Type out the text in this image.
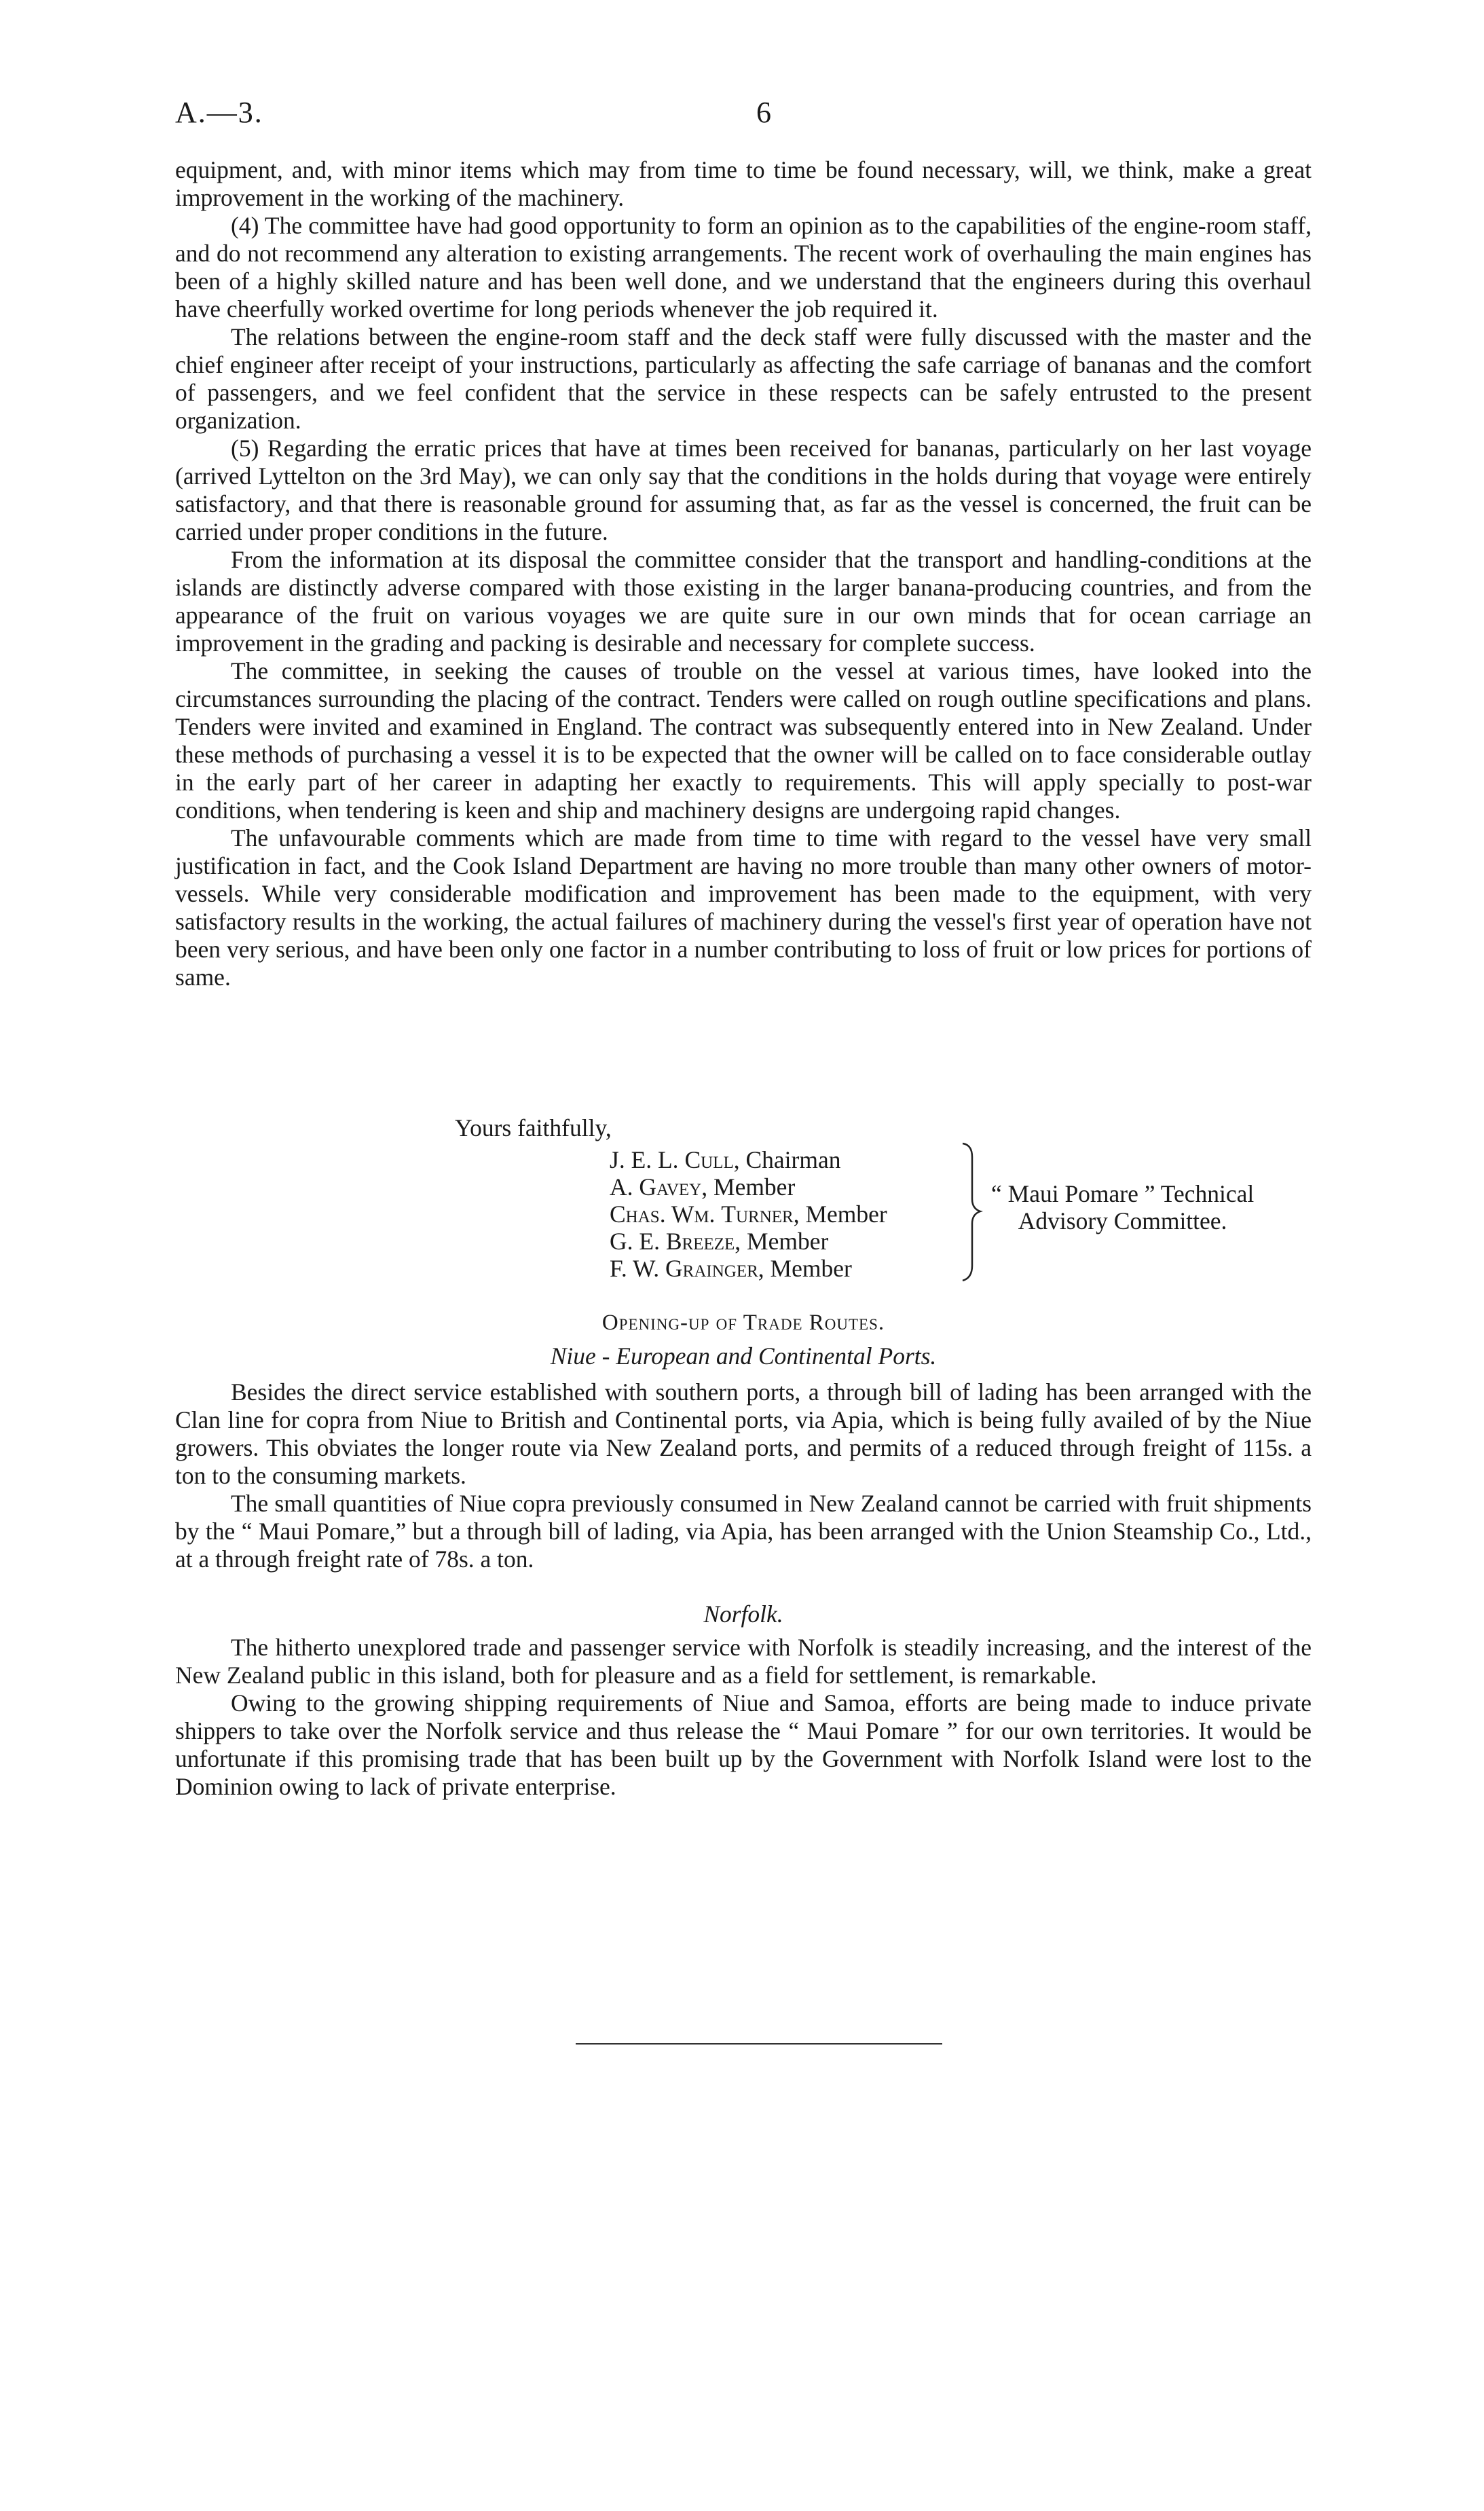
A.—3.	6

equipment, and, with minor items which may from time to time be found necessary, will, we think, make a great improvement in the working of the machinery.

(4) The committee have had good opportunity to form an opinion as to the capabilities of the engine-room staff, and do not recommend any alteration to existing arrangements. The recent work of overhauling the main engines has been of a highly skilled nature and has been well done, and we understand that the engineers during this overhaul have cheerfully worked overtime for long periods whenever the job required it.

The relations between the engine-room staff and the deck staff were fully discussed with the master and the chief engineer after receipt of your instructions, particularly as affecting the safe carriage of bananas and the comfort of passengers, and we feel confident that the service in these respects can be safely entrusted to the present organization.

(5) Regarding the erratic prices that have at times been received for bananas, particularly on her last voyage (arrived Lyttelton on the 3rd May), we can only say that the conditions in the holds during that voyage were entirely satisfactory, and that there is reasonable ground for assuming that, as far as the vessel is concerned, the fruit can be carried under proper conditions in the future.

From the information at its disposal the committee consider that the transport and handling-conditions at the islands are distinctly adverse compared with those existing in the larger banana-producing countries, and from the appearance of the fruit on various voyages we are quite sure in our own minds that for ocean carriage an improvement in the grading and packing is desirable and necessary for complete success.

The committee, in seeking the causes of trouble on the vessel at various times, have looked into the circumstances surrounding the placing of the contract. Tenders were called on rough outline specifications and plans. Tenders were invited and examined in England. The contract was subsequently entered into in New Zealand. Under these methods of purchasing a vessel it is to be expected that the owner will be called on to face considerable outlay in the early part of her career in adapting her exactly to requirements. This will apply specially to post-war conditions, when tendering is keen and ship and machinery designs are undergoing rapid changes.

The unfavourable comments which are made from time to time with regard to the vessel have very small justification in fact, and the Cook Island Department are having no more trouble than many other owners of motor-vessels. While very considerable modification and improvement has been made to the equipment, with very satisfactory results in the working, the actual failures of machinery during the vessel's first year of operation have not been very serious, and have been only one factor in a number contributing to loss of fruit or low prices for portions of same.

Yours faithfully,
J. E. L. Cull, Chairman
A. Gavey, Member
Chas. Wm. Turner, Member
G. E. Breeze, Member
F. W. Grainger, Member
“ Maui Pomare ” Technical
Advisory Committee.
Opening-up of Trade Routes.
Niue - European and Continental Ports.

Besides the direct service established with southern ports, a through bill of lading has been arranged with the Clan line for copra from Niue to British and Continental ports, via Apia, which is being fully availed of by the Niue growers. This obviates the longer route via New Zealand ports, and permits of a reduced through freight of 115s. a ton to the consuming markets.

The small quantities of Niue copra previously consumed in New Zealand cannot be carried with fruit shipments by the “ Maui Pomare,” but a through bill of lading, via Apia, has been arranged with the Union Steamship Co., Ltd., at a through freight rate of 78s. a ton.

Norfolk.

The hitherto unexplored trade and passenger service with Norfolk is steadily increasing, and the interest of the New Zealand public in this island, both for pleasure and as a field for settlement, is remarkable.

Owing to the growing shipping requirements of Niue and Samoa, efforts are being made to induce private shippers to take over the Norfolk service and thus release the “ Maui Pomare ” for our own territories. It would be unfortunate if this promising trade that has been built up by the Government with Norfolk Island were lost to the Dominion owing to lack of private enterprise.
